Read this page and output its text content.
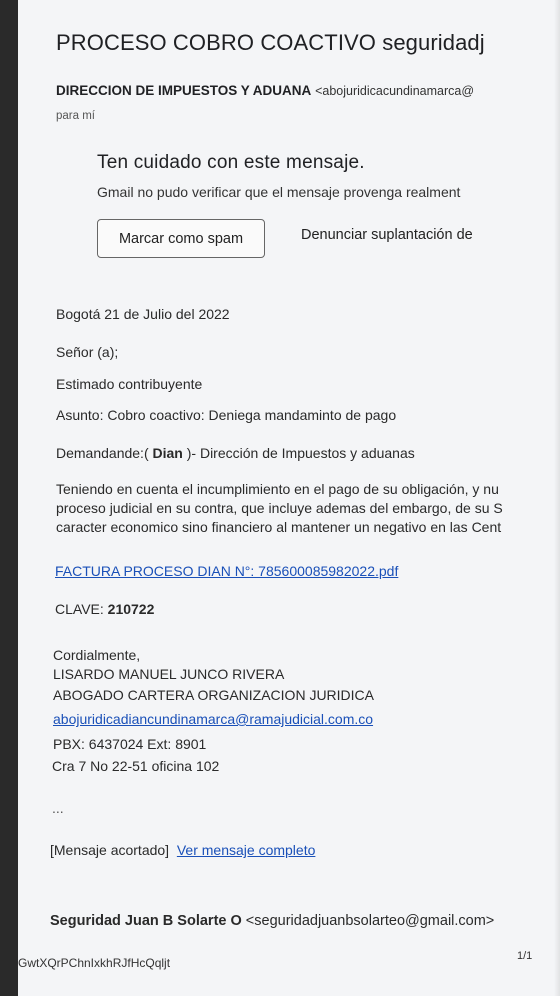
PROCESO COBRO COACTIVO seguridadj
DIRECCION DE IMPUESTOS Y ADUANA <abojuridicacundinamarca@
para mí
Ten cuidado con este mensaje.
Gmail no pudo verificar que el mensaje provenga realment
Marcar como spam	Denunciar suplantación de
Bogotá 21 de Julio del 2022
Señor (a);
Estimado contribuyente
Asunto: Cobro coactivo: Deniega mandaminto de pago
Demandande:( Dian )- Dirección de Impuestos y aduanas
Teniendo en cuenta el incumplimiento en el pago de su obligación, y nu
proceso judicial en su contra, que incluye ademas del embargo, de su S
caracter economico sino financiero al mantener un negativo en las Cent
FACTURA PROCESO DIAN N°: 785600085982022.pdf
CLAVE: 210722
Cordialmente,
LISARDO MANUEL JUNCO RIVERA
ABOGADO CARTERA ORGANIZACION JURIDICA
abojuridicadiancundinamarca@ramajudicial.com.co
PBX: 6437024 Ext: 8901
Cra 7 No 22-51 oficina 102
...
[Mensaje acortado] Ver mensaje completo
Seguridad Juan B Solarte O <seguridadjuanbsolarteo@gmail.com>
GwtXQrPChnIxkhRJfHcQqljt	1/1
